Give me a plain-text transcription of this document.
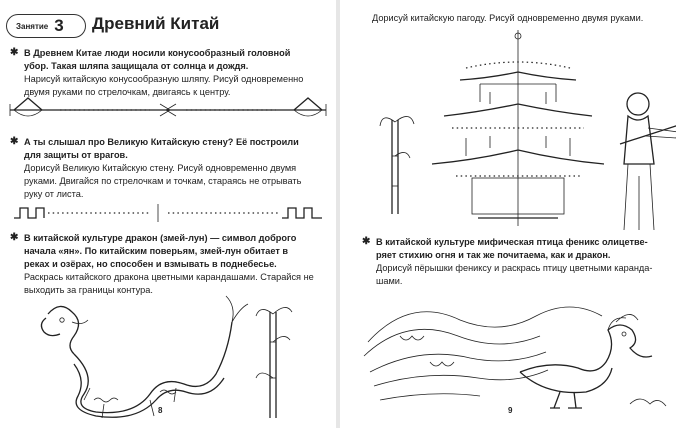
Занятие 3 Древний Китай
✱ В Древнем Китае люди носили конусообразный головной
убор. Такая шляпа защищала от солнца и дождя.
Нарисуй китайскую конусообразную шляпу. Рисуй одновременно
двумя руками по стрелочкам, двигаясь к центру.
✱ А ты слышал про Великую Китайскую стену? Её построили
для защиты от врагов.
Дорисуй Великую Китайскую стену. Рисуй одновременно двумя
руками. Двигайся по стрелочкам и точкам, стараясь не отрывать
руку от листа.
✱ В китайской культуре дракон (змей-лун) — символ доброго
начала «ян». По китайским поверьям, змей-лун обитает в
реках и озёрах, но способен и взмывать в поднебесье.
Раскрась китайского дракона цветными карандашами. Старайся не
выходить за границы контура.
8
Дорисуй китайскую пагоду. Рисуй одновременно двумя руками.
✱ В китайской культуре мифическая птица феникс олицетве-
ряет стихию огня и так же почитаема, как и дракон.
Дорисуй пёрышки фениксу и раскрась птицу цветными каранда-
шами.
9
